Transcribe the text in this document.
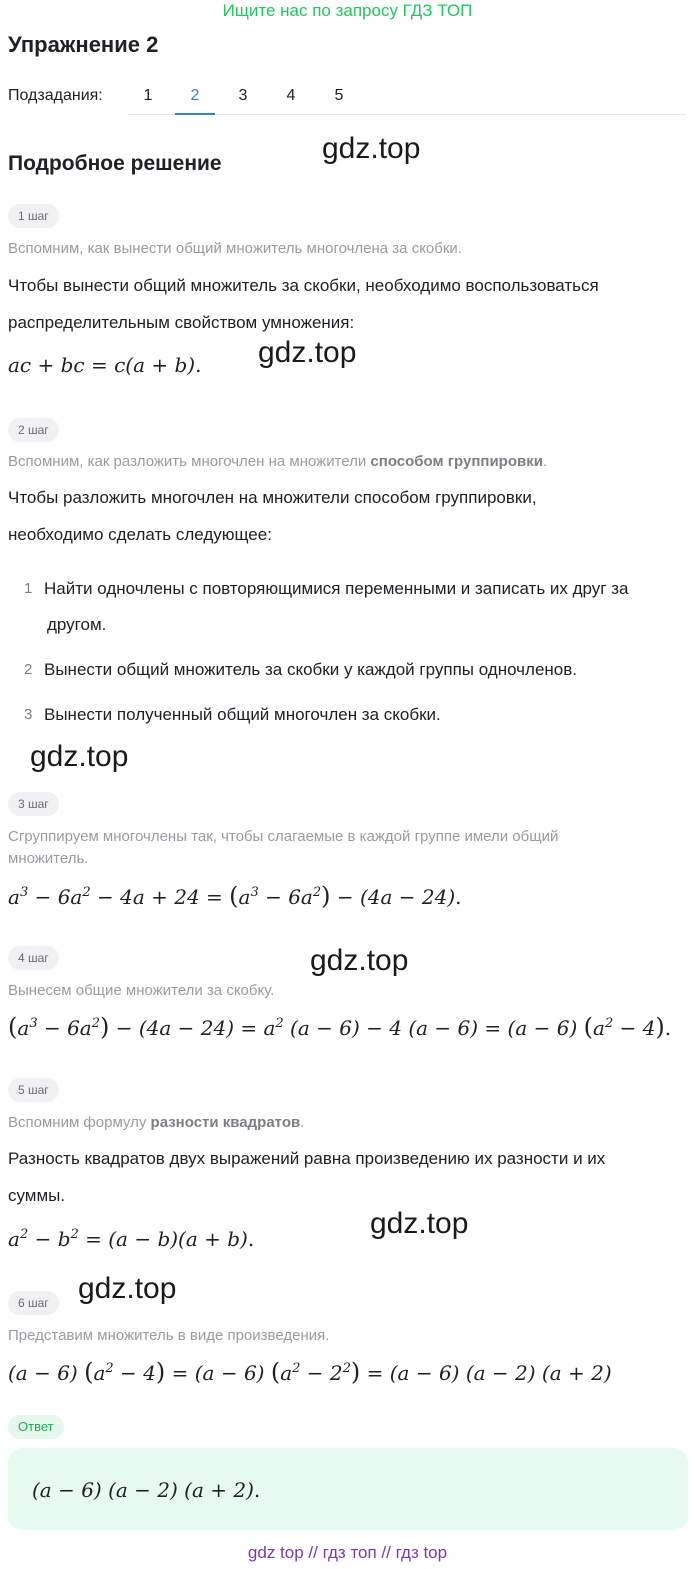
Ищите нас по запросу ГДЗ ТОП
Упражнение 2
Подзадания:	1	2	3	4	5
Подробное решение	gdz.top
1 шаг
Вспомним, как вынести общий множитель многочлена за скобки.
Чтобы вынести общий множитель за скобки, необходимо воспользоваться
распределительным свойством умножения:
ac + bc = c(a + b). gdz.top
2 шаг
Вспомним, как разложить многочлен на множители способом группировки.
Чтобы разложить многочлен на множители способом группировки,
необходимо сделать следующее:
1 Найти одночлены с повторяющимися переменными и записать их друг за
другом.
2 Вынести общий множитель за скобки у каждой группы одночленов.
3 Вынести полученный общий многочлен за скобки.
gdz.top
3 шаг
Сгруппируем многочлены так, чтобы слагаемые в каждой группе имели общий
множитель.
$a^3 - 6a^2 - 4a + 24 = (a^3 - 6a^2) - (4a - 24)$.
gdz.top
4 шаг
Вынесем общие множители за скобку.
$(a^3 - 6a^2) - (4a - 24) = a^2$ (a − 6) − 4 (a − 6) = (a − 6) $(a^2 - 4)$.
5 шаг
Вспомним формулу разности квадратов.
Разность квадратов двух выражений равна произведению их разности и их
суммы.
$a^2 - b^2 = (a - b)(a + b)$.	gdz.top
gdz.top
6 шаг
Представим множитель в виде произведения.
(a − 6) $(a^2 - 4) = (a - 6) (a^2 - 2^2) = (a - 6) (a - 2) (a + 2)$
Ответ
(a − 6) (a − 2) (a + 2).
gdz top // гдз топ // гдз top
